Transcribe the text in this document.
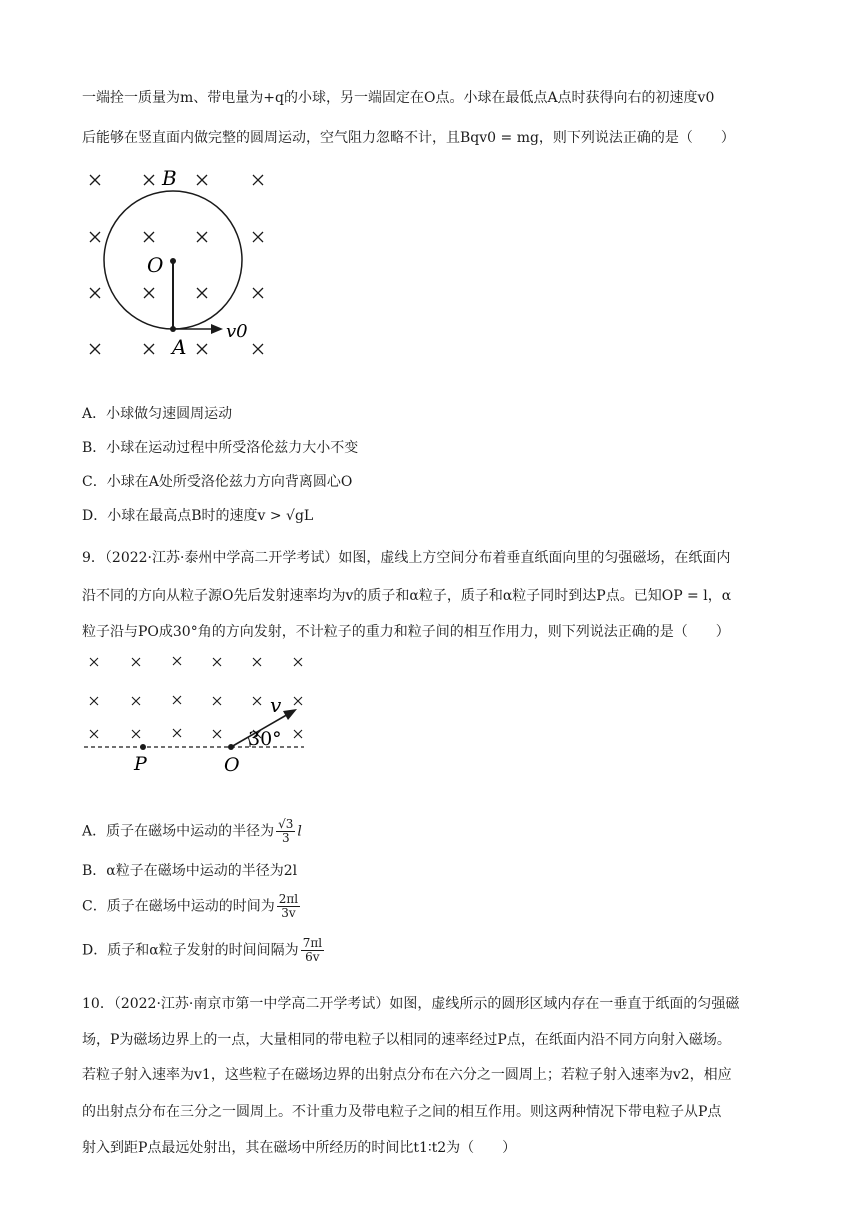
一端拴一质量为m、带电量为+q的小球，另一端固定在O点。小球在最低点A点时获得向右的初速度v0
后能够在竖直面内做完整的圆周运动，空气阻力忽略不计，且Bqv0 = mg，则下列说法正确的是（　　）
B
O
A
v0
A．小球做匀速圆周运动
B．小球在运动过程中所受洛伦兹力大小不变
C．小球在A处所受洛伦兹力方向背离圆心O
D．小球在最高点B时的速度v > √gL
9．（2022·江苏·泰州中学高二开学考试）如图，虚线上方空间分布着垂直纸面向里的匀强磁场，在纸面内
沿不同的方向从粒子源O先后发射速率均为v的质子和α粒子，质子和α粒子同时到达P点。已知OP = l，α
粒子沿与PO成30°角的方向发射，不计粒子的重力和粒子间的相互作用力，则下列说法正确的是（　　）
P	O
v
30°
A．质子在磁场中运动的半径为 $\frac{√3}{3}$ l
B．α粒子在磁场中运动的半径为2l
C．质子在磁场中运动的时间为 $\frac{2\pi l}{3v}$
D．质子和α粒子发射的时间间隔为 $\frac{7\pi l}{6v}$
10．（2022·江苏·南京市第一中学高二开学考试）如图，虚线所示的圆形区域内存在一垂直于纸面的匀强磁
场，P为磁场边界上的一点，大量相同的带电粒子以相同的速率经过P点，在纸面内沿不同方向射入磁场。
若粒子射入速率为v1，这些粒子在磁场边界的出射点分布在六分之一圆周上；若粒子射入速率为v2，相应
的出射点分布在三分之一圆周上。不计重力及带电粒子之间的相互作用。则这两种情况下带电粒子从P点
射入到距P点最远处射出，其在磁场中所经历的时间比t1∶t2为（　　）
